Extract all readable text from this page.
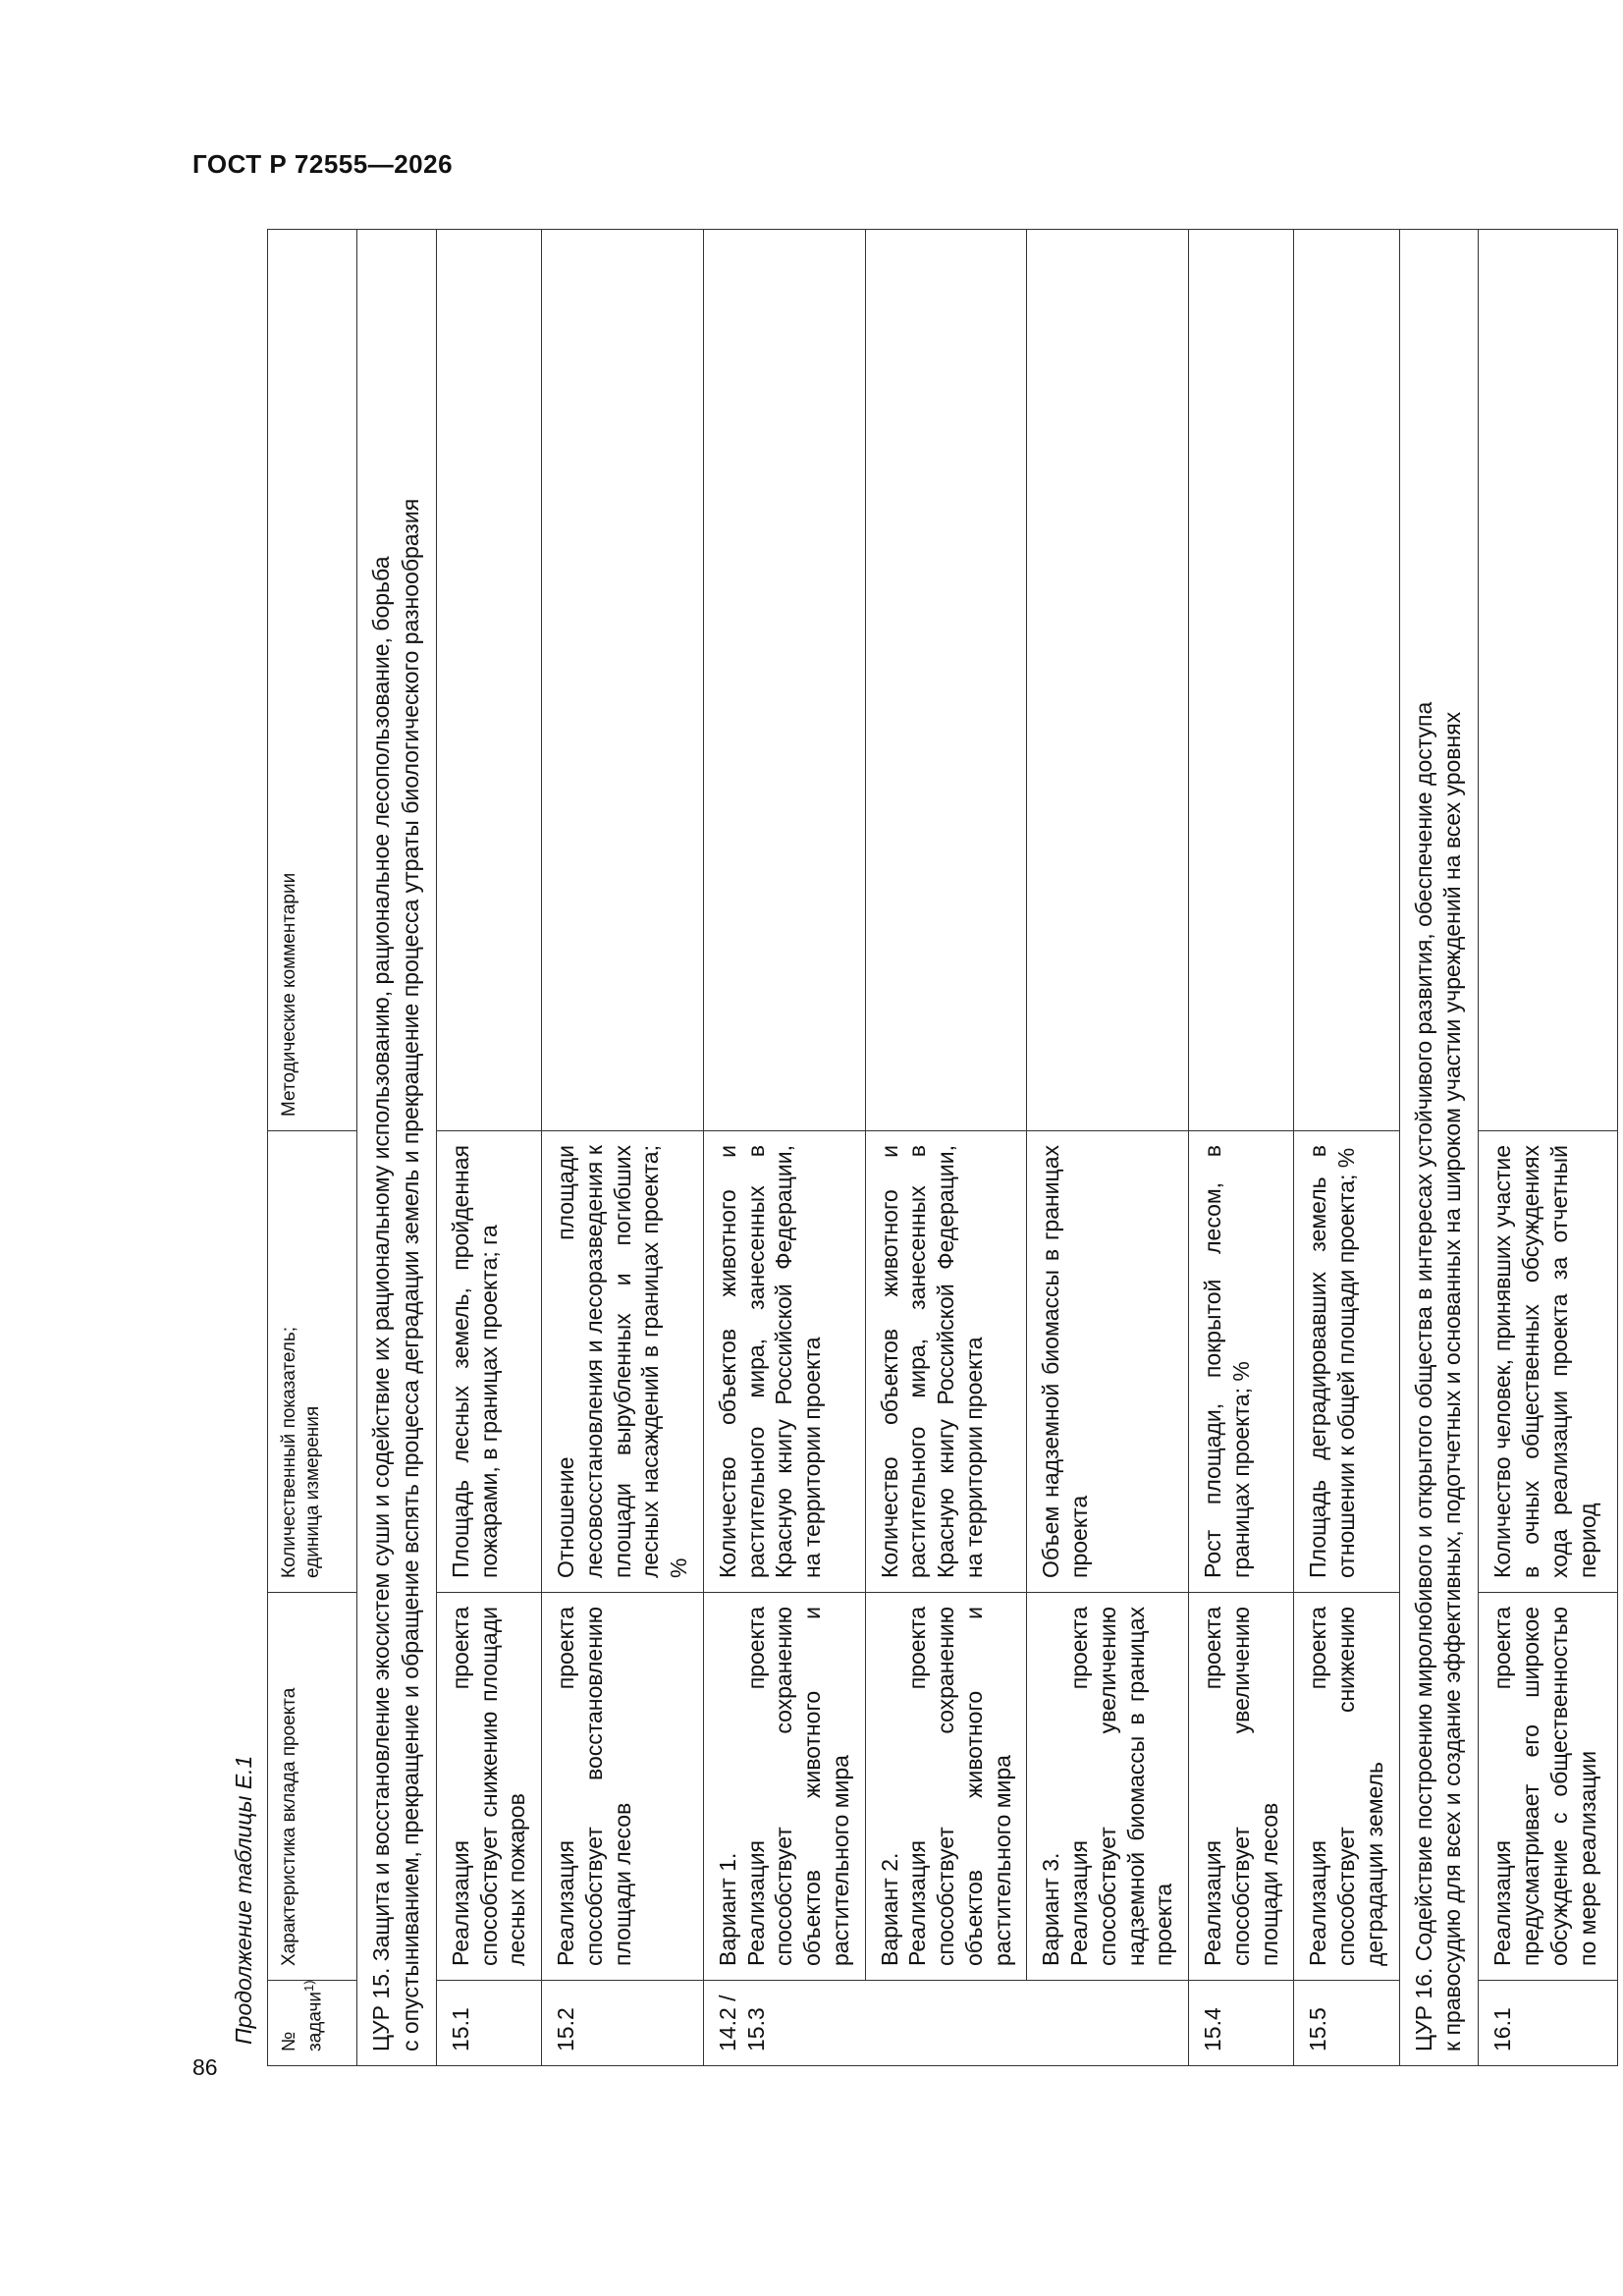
ГОСТ Р 72555—2026
86
Продолжение таблицы Е.1 № задачи$^{1)}$	Характеристика вклада проекта	Количественный показатель; единица измерения	Методические комментарии

ЦУР 15. Защита и восстановление экосистем суши и содействие их рациональному использованию, рациональное лесопользование, борьба с опустыниванием, прекращение и обращение вспять процесса деградации земель и прекращение процесса утраты биологического разнообразия			

15.1	Реализация проекта способствует снижению площади лесных пожаров	Площадь лесных земель, пройденная пожарами, в границах проекта; га	
15.2	Реализация проекта способствует восстановлению площади лесов	Отношение площади лесовосстановления и лесоразведения к площади вырубленных и погибших лесных насаждений в границах проекта; %	

14.2 / 15.3	Вариант 1. Реализация проекта способствует сохранению объектов животного и растительного мира	Количество объектов животного и растительного мира, занесенных в Красную книгу Российской Федерации, на территории проекта	

	Вариант 2. Реализация проекта способствует сохранению объектов животного и растительного мира	Количество объектов животного и растительного мира, занесенных в Красную книгу Российской Федерации, на территории проекта	

	Вариант 3. Реализация проекта способствует увеличению надземной биомассы в границах проекта	Объем надземной биомассы в границах проекта	
15.4	Реализация проекта способствует увеличению площади лесов	Рост площади, покрытой лесом, в границах проекта; %	
15.5	Реализация проекта способствует снижению деградации земель	Площадь деградировавших земель в отношении к общей площади проекта; %	

ЦУР 16. Содействие построению миролюбивого и открытого общества в интересах устойчивого развития, обеспечение доступа к правосудию для всех и создание эффективных, подотчетных и основанных на широком участии учреждений на всех уровнях			

16.1	Реализация проекта предусматривает его широкое обсуждение с общественностью по мере реализации	Количество человек, принявших участие в очных общественных обсуждениях хода реализации проекта за отчетный период	
